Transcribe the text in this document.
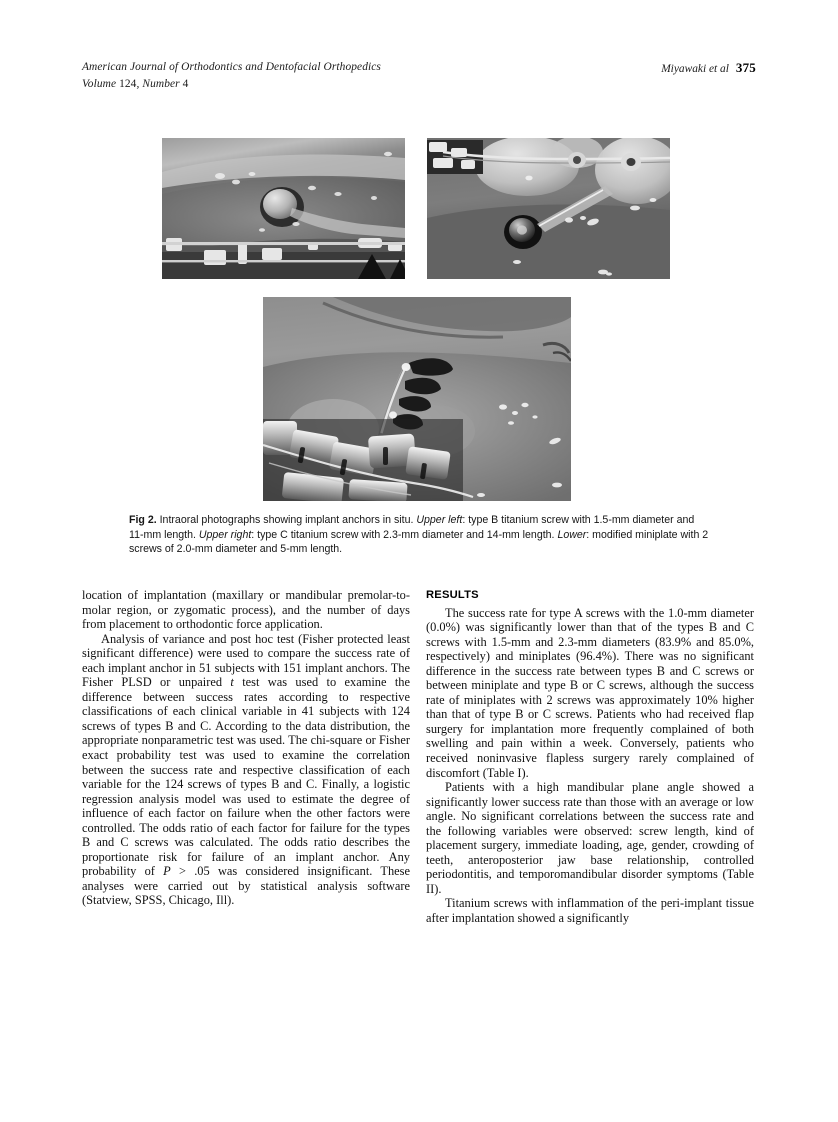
American Journal of Orthodontics and Dentofacial Orthopedics
Volume 124, Number 4
Miyawaki et al 375
Fig 2. Intraoral photographs showing implant anchors in situ. Upper left: type B titanium screw with 1.5-mm diameter and 11-mm length. Upper right: type C titanium screw with 2.3-mm diameter and 14-mm length. Lower: modified miniplate with 2 screws of 2.0-mm diameter and 5-mm length.

location of implantation (maxillary or mandibular premolar-to-molar region, or zygomatic process), and the number of days from placement to orthodontic force application.

Analysis of variance and post hoc test (Fisher protected least significant difference) were used to compare the success rate of each implant anchor in 51 subjects with 151 implant anchors. The Fisher PLSD or unpaired t test was used to examine the difference between success rates according to respective classifications of each clinical variable in 41 subjects with 124 screws of types B and C. According to the data distribution, the appropriate nonparametric test was used. The chi-square or Fisher exact probability test was used to examine the correlation between the success rate and respective classification of each variable for the 124 screws of types B and C. Finally, a logistic regression analysis model was used to estimate the degree of influence of each factor on failure when the other factors were controlled. The odds ratio of each factor for failure for the types B and C screws was calculated. The odds ratio describes the proportionate risk for failure of an implant anchor. Any probability of P > .05 was considered insignificant. These analyses were carried out by statistical analysis software (Statview, SPSS, Chicago, Ill).

RESULTS

The success rate for type A screws with the 1.0-mm diameter (0.0%) was significantly lower than that of the types B and C screws with 1.5-mm and 2.3-mm diameters (83.9% and 85.0%, respectively) and miniplates (96.4%). There was no significant difference in the success rate between types B and C screws or between miniplate and type B or C screws, although the success rate of miniplates with 2 screws was approximately 10% higher than that of type B or C screws. Patients who had received flap surgery for implantation more frequently complained of both swelling and pain within a week. Conversely, patients who received noninvasive flapless surgery rarely complained of discomfort (Table I).

Patients with a high mandibular plane angle showed a significantly lower success rate than those with an average or low angle. No significant correlations between the success rate and the following variables were observed: screw length, kind of placement surgery, immediate loading, age, gender, crowding of teeth, anteroposterior jaw base relationship, controlled periodontitis, and temporomandibular disorder symptoms (Table II).

Titanium screws with inflammation of the peri-implant tissue after implantation showed a significantly
